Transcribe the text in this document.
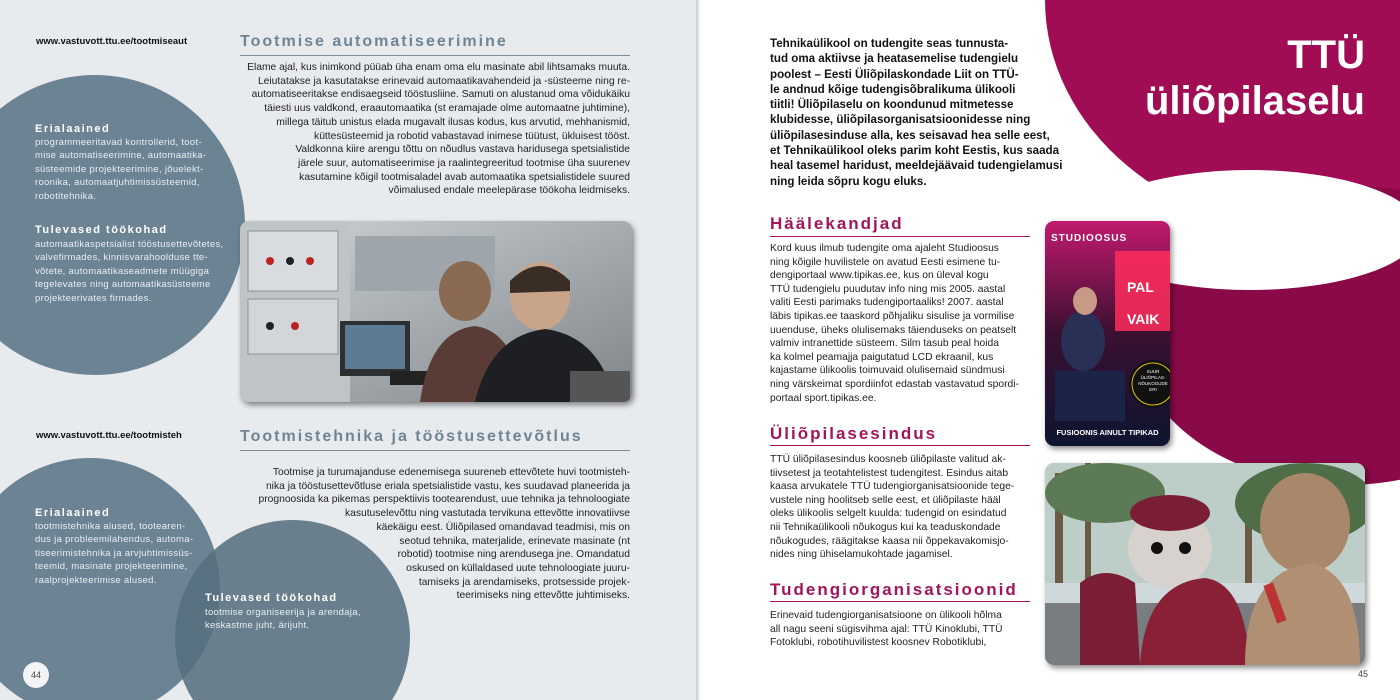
www.vastuvott.ttu.ee/tootmiseaut	Tootmise automatiseerimine
Elame ajal, kus inimkond püüab üha enam oma elu masinate abil lihtsamaks muuta.
Leiutatakse ja kasutatakse erinevaid automaatikavahendeid ja -süsteeme ning re-
automatiseeritakse endisaegseid tööstusliine. Samuti on alustanud oma võidukäiku
täiesti uus valdkond, eraautomaatika (st eramajade olme automaatne juhtimine),
millega täitub unistus elada mugavalt ilusas kodus, kus arvutid, mehhanismid,
küttesüsteemid ja robotid vabastavad inimese tüütust, ükluisest tööst.
Valdkonna kiire arengu tõttu on nõudlus vastava haridusega spetsialistide
järele suur, automatiseerimise ja raalintegreeritud tootmise üha suurenev
kasutamine kõigil tootmisaladel avab automaatika spetsialistidele suured
võimalused endale meelepärase töökoha leidmiseks.
Erialaained
programmeeritavad kontrollerid, toot-
mise automatiseerimine, automaatika-
süsteemide projekteerimine, jõuelekt-
roonika, automaatjuhtimissüsteemid,
robotitehnika.
Tulevased töökohad
automaatikaspetsialist tööstusettevõtetes,
valvefirmades, kinnisvarahoolduse tte-
võtete, automaatikaseadmete müügiga
tegelevates ning automaatikasüsteeme
projekteerivates firmades.
www.vastuvott.ttu.ee/tootmisteh	Tootmistehnika ja tööstusettevõtlus
Tootmise ja turumajanduse edenemisega suureneb ettevõtete huvi tootmisteh-
nika ja tööstusettevõtluse eriala spetsialistide vastu, kes suudavad planeerida ja
prognoosida ka pikemas perspektiivis tootearendust, uue tehnika ja tehnoloogiate
kasutuselevõttu ning vastutada tervikuna ettevõtte innovatiivse
käekäigu eest. Üliõpilased omandavad teadmisi, mis on
seotud tehnika, materjalide, erinevate masinate (nt
robotid) tootmise ning arendusega jne. Omandatud
oskused on küllaldased uute tehnoloogiate juuru-
tamiseks ja arendamiseks, protsesside projek-
teerimiseks ning ettevõtte juhtimiseks.
Erialaained
tootmistehnika alused, tootearen-
dus ja probleemilahendus, automa-
tiseerimistehnika ja arvjuhtimissüs-
teemid, masinate projekteerimine,
raalprojekteerimise alused.
Tulevased töökohad
tootmise organiseerija ja arendaja,
keskastme juht, ärijuht.
44
TTÜ
üliõpilaselu
Tehnikaülikool on tudengite seas tunnusta-
tud oma aktiivse ja heatasemelise tudengielu
poolest – Eesti Üliõpilaskondade Liit on TTÜ-
le andnud kõige tudengisõbralikuma ülikooli
tiitli! Üliõpilaselu on koondunud mitmetesse
klubidesse, üliõpilasorganisatsioonidesse ning
üliõpilasesinduse alla, kes seisavad hea selle eest,
et Tehnikaülikool oleks parim koht Eestis, kus saada
heal tasemel haridust, meeldejäävaid tudengielamusi
ning leida sõpru kogu eluks.
Häälekandjad
Kord kuus ilmub tudengite oma ajaleht Studioosus
ning kõigile huvilistele on avatud Eesti esimene tu-
dengiportaal www.tipikas.ee, kus on üleval kogu
TTÜ tudengielu puudutav info ning mis 2005. aastal
valiti Eesti parimaks tudengiportaaliks! 2007. aastal
läbis tipikas.ee taaskord põhjaliku sisulise ja vormilise
uuenduse, üheks olulisemaks täienduseks on peatselt
valmiv intranettide süsteem. Silm tasub peal hoida
ka kolmel peamajja paigutatud LCD ekraanil, kus
kajastame ülikoolis toimuvaid olulisemaid sündmusi
ning värskeimat spordiinfot edastab vastavatud spordi-
portaal sport.tipikas.ee.
Üliõpilasesindus
TTÜ üliõpilasesindus koosneb üliõpilaste valitud ak-
tiivsetest ja teotahtelistest tudengitest. Esindus aitab
kaasa arvukatele TTÜ tudengiorganisatsioonide tege-
vustele ning hoolitseb selle eest, et üliõpilaste hääl
oleks ülikoolis selgelt kuulda: tudengid on esindatud
nii Tehnikaülikooli nõukogus kui ka teaduskondade
nõukogudes, räägitakse kaasa nii õppekavakomisjo-
nides ning ühiselamukohtade jagamisel.
Tudengiorganisatsioonid
Erinevaid tudengiorganisatsioone on ülikooli hõlma
all nagu seeni sügisvihma ajal: TTÜ Kinoklubi, TTÜ
Fotoklubi, robotihuvilistest koosnev Robotiklubi,
STUDIOOSUS
PAL VAIK
SUUR
ÜLIÕPILAS-
NÕUKOGUDE
ERI
FUSIOONIS AINULT TIPIKAD
45
